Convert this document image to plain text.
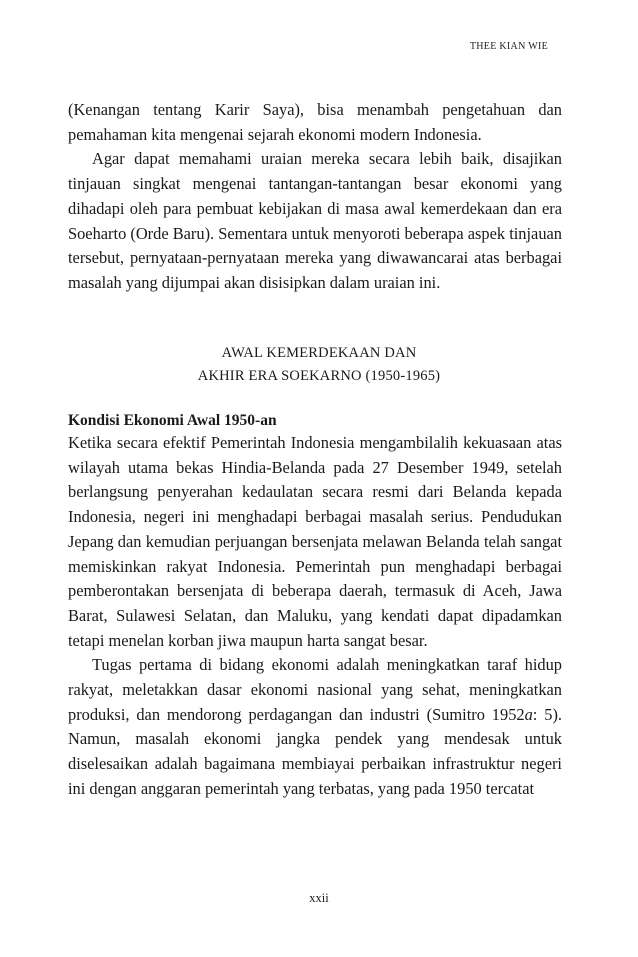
THEE KIAN WIE

(Kenangan tentang Karir Saya), bisa menambah pengetahuan dan pemahaman kita mengenai sejarah ekonomi modern Indonesia.

Agar dapat memahami uraian mereka secara lebih baik, disajikan tinjauan singkat mengenai tantangan-tantangan besar ekonomi yang dihadapi oleh para pembuat kebijakan di masa awal kemerdekaan dan era Soeharto (Orde Baru). Sementara untuk menyoroti beberapa aspek tinjauan tersebut, pernyataan-pernyataan mereka yang diwawancarai atas berbagai masalah yang dijumpai akan disisipkan dalam uraian ini.

AWAL KEMERDEKAAN DAN
AKHIR ERA SOEKARNO (1950-1965)
Kondisi Ekonomi Awal 1950-an

Ketika secara efektif Pemerintah Indonesia mengambilalih kekuasaan atas wilayah utama bekas Hindia-Belanda pada 27 Desember 1949, setelah berlangsung penyerahan kedaulatan secara resmi dari Belanda kepada Indonesia, negeri ini menghadapi berbagai masalah serius. Pendudukan Jepang dan kemudian perjuangan bersenjata melawan Belanda telah sangat memiskinkan rakyat Indonesia. Pemerintah pun menghadapi berbagai pemberontakan bersenjata di beberapa daerah, termasuk di Aceh, Jawa Barat, Sulawesi Selatan, dan Maluku, yang kendati dapat dipadamkan tetapi menelan korban jiwa maupun harta sangat besar.

Tugas pertama di bidang ekonomi adalah meningkatkan taraf hidup rakyat, meletakkan dasar ekonomi nasional yang sehat, meningkatkan produksi, dan mendorong perdagangan dan industri (Sumitro 1952a: 5). Namun, masalah ekonomi jangka pendek yang mendesak untuk diselesaikan adalah bagaimana membiayai perbaikan infrastruktur negeri ini dengan anggaran pemerintah yang terbatas, yang pada 1950 tercatat

xxii
